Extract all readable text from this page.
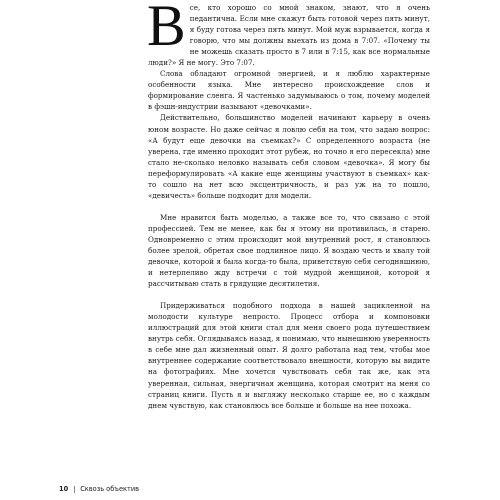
Все, кто хорошо со мной знаком, знают, что я очень педантична. Если мне скажут быть готовой через пять минут, я буду готова через пять минут. Мой муж взрывается, когда я говорю, что мы должны выехать из дома в 7:07. «Почему ты не можешь сказать просто в 7 или в 7:15, как все нормальные люди?» Я не могу. Это 7:07.

Слова обладают огромной энергией, и я люблю характерные особенности языка. Мне интересно происхождение слов и формирование сленга. Я частенько задумываюсь о том, почему моделей в фэшн-индустрии называют «девочками».

Действительно, большинство моделей начинают карьеру в очень юном возрасте. Но даже сейчас я ловлю себя на том, что задаю вопрос: «А будут еще девочки на съемках?» С определенного возраста (не уверена, где именно проходит этот рубеж, но точно я его пересекла) мне стало не-сколько неловко называть себя словом «девочка». Я могу бы переформулировать «А какие еще женщины участвуют в съемках» как-то сошло на нет всю эксцентричность, и раз уж на то пошло, «девичесть» больше подходит для модели.

Мне нравится быть моделью, а также все то, что связано с этой профессией. Тем не менее, как бы я этому ни противилась, я старею. Одновременно с этим происходит мой внутренний рост, я становлюсь более зрелой, обретая свое подлинное лицо. Я воздаю честь и хвалу той девочке, которой я была когда-то была, приветствую себя сегодняшнюю, и нетерпеливо жду встречи с той мудрой женщиной, которой я рассчитываю стать в грядущие десятилетия.

Придерживаться подобного подхода в нашей зацикленной на молодости культуре непросто. Процесс отбора и компоновки иллюстраций для этой книги стал для меня своего рода путешествием внутрь себя. Оглядываясь назад, я понимаю, что нынешнюю уверенность в себе мне дал жизненный опыт. Я долго работала над тем, чтобы мое внутреннее содержание соответствовало внешности, которую вы видите на фотографиях. Мне хочется чувствовать себя так же, как эта уверенная, сильная, энергичная женщина, которая смотрит на меня со страниц книги. Пусть я и выгляжу несколько старше ее, но с каждым днем чувствую, как становлюсь все больше и больше на нее похожа.

10 Сквозь объектив
